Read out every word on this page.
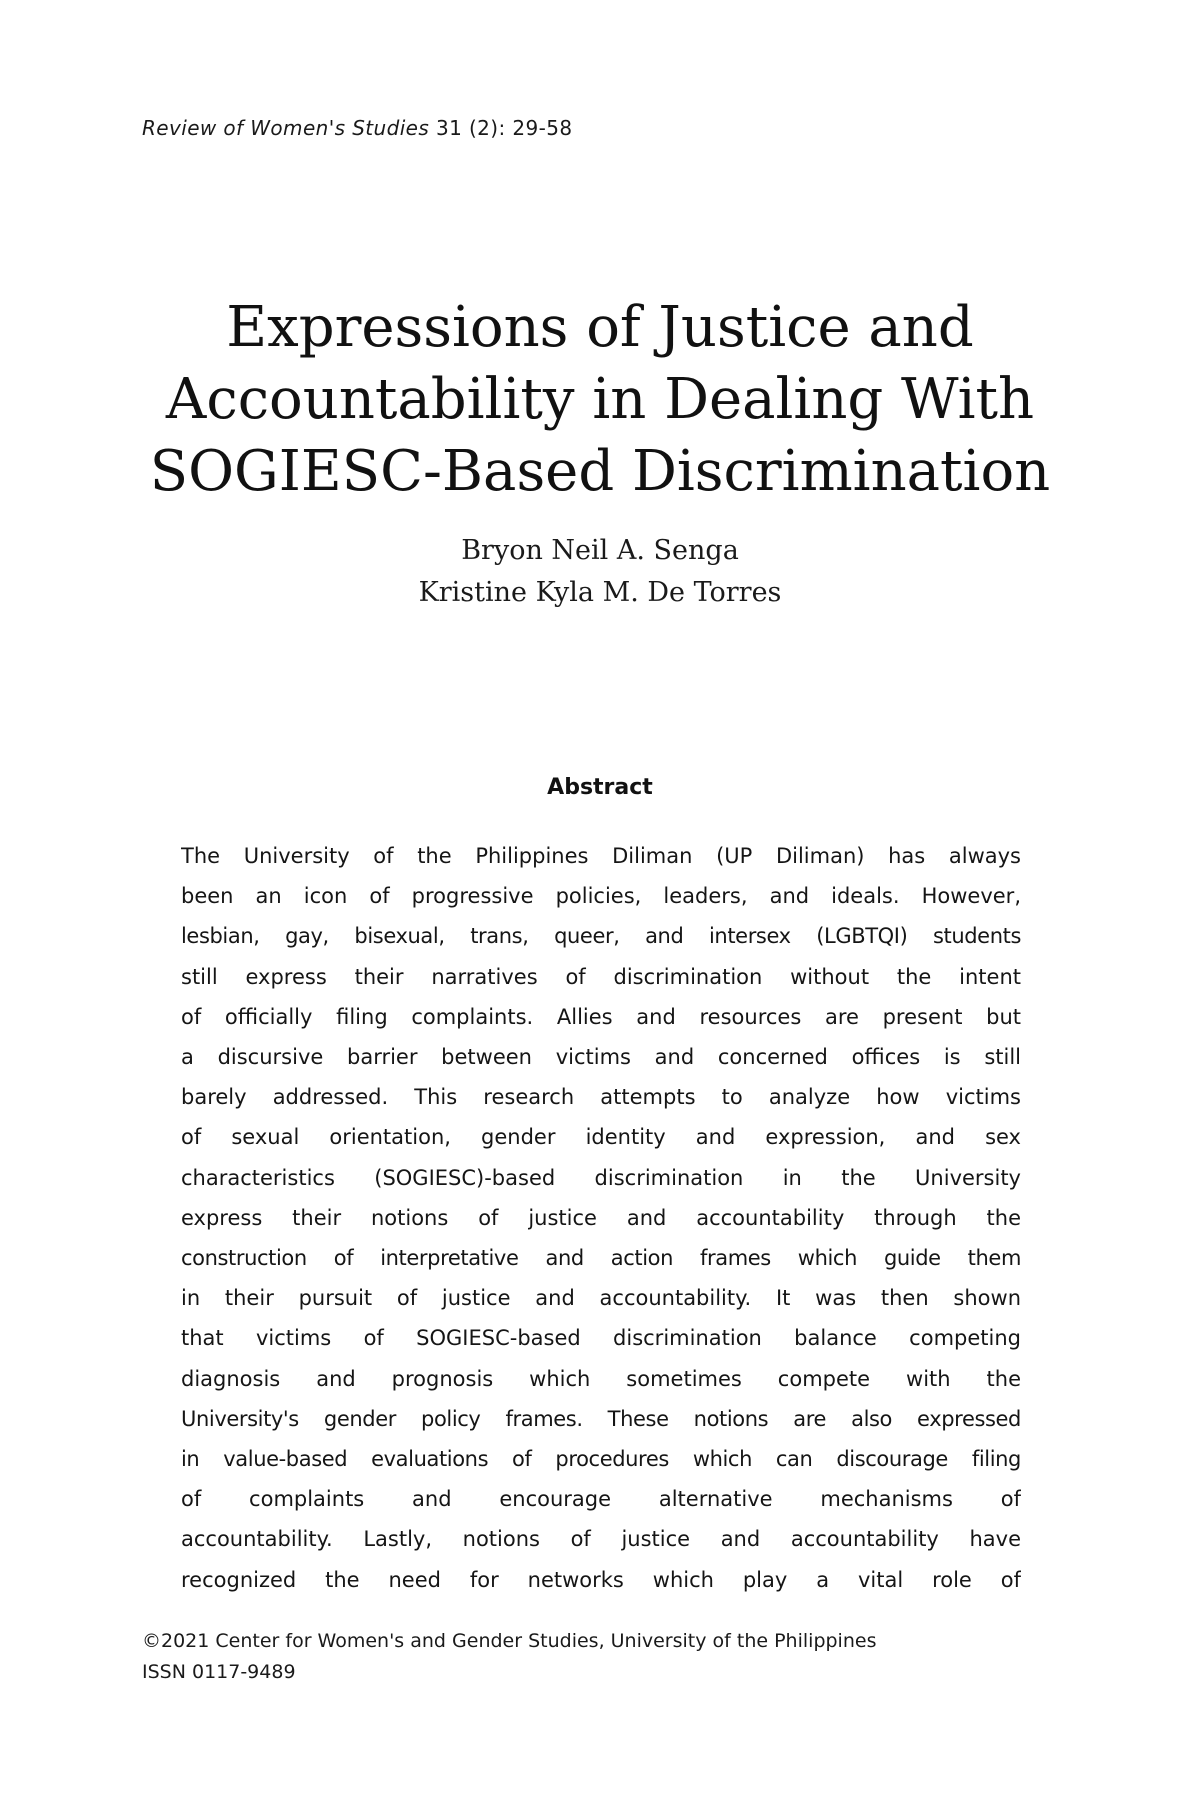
Review of Women's Studies 31 (2): 29-58
Expressions of Justice and
Accountability in Dealing With
SOGIESC-Based Discrimination
Bryon Neil A. Senga
Kristine Kyla M. De Torres
Abstract
The University of the Philippines Diliman (UP Diliman) has always
been an icon of progressive policies, leaders, and ideals. However,
lesbian, gay, bisexual, trans, queer, and intersex (LGBTQI) students
still express their narratives of discrimination without the intent
of officially filing complaints. Allies and resources are present but
a discursive barrier between victims and concerned offices is still
barely addressed. This research attempts to analyze how victims
of sexual orientation, gender identity and expression, and sex
characteristics (SOGIESC)-based discrimination in the University
express their notions of justice and accountability through the
construction of interpretative and action frames which guide them
in their pursuit of justice and accountability. It was then shown
that victims of SOGIESC-based discrimination balance competing
diagnosis and prognosis which sometimes compete with the
University's gender policy frames. These notions are also expressed
in value-based evaluations of procedures which can discourage filing
of complaints and encourage alternative mechanisms of
accountability. Lastly, notions of justice and accountability have
recognized the need for networks which play a vital role of
©2021 Center for Women's and Gender Studies, University of the Philippines
ISSN 0117-9489
